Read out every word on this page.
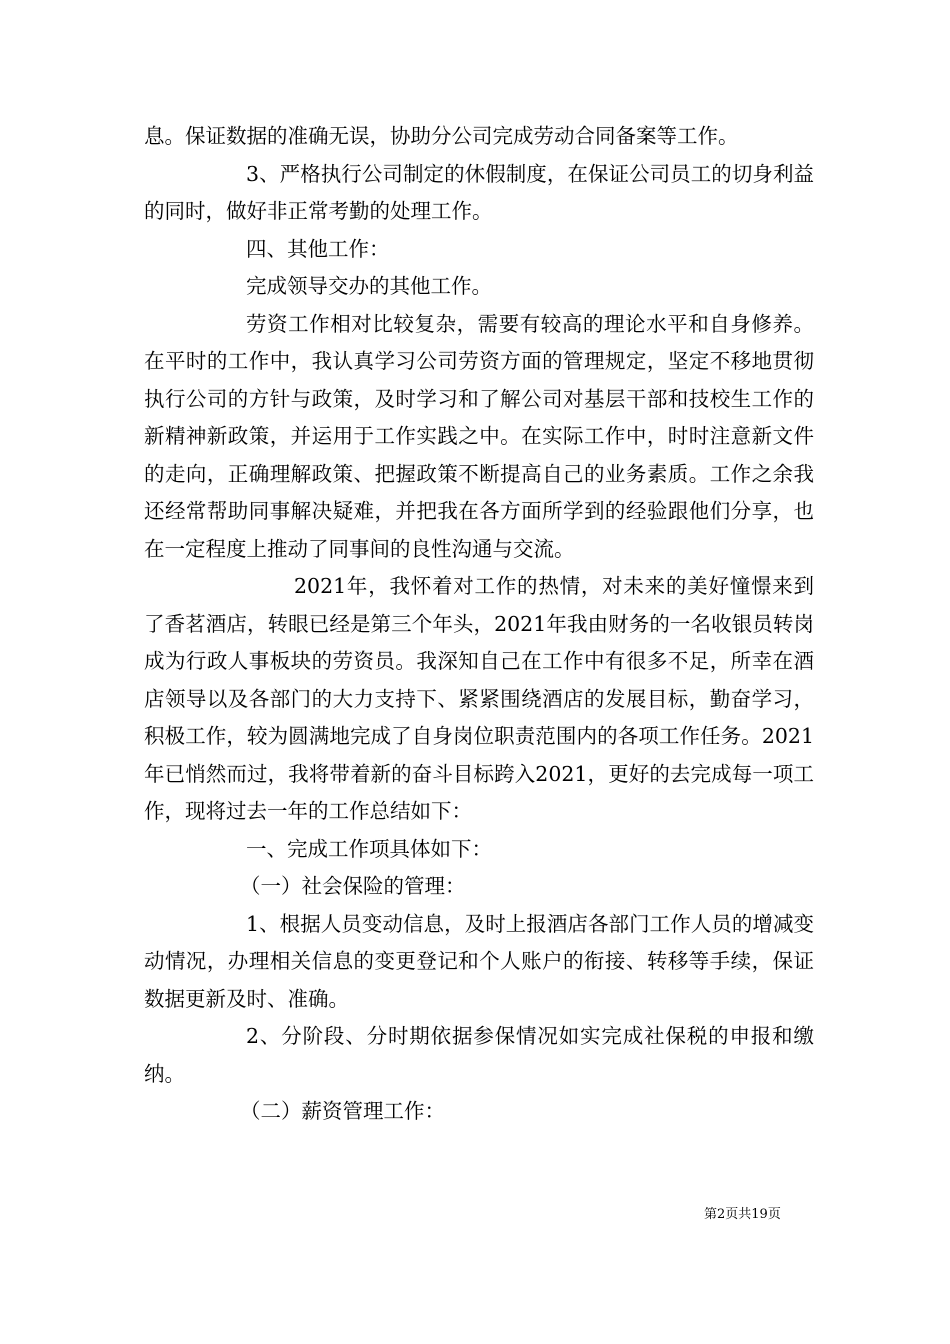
息。保证数据的准确无误，协助分公司完成劳动合同备案等工作。

3、严格执行公司制定的休假制度，在保证公司员工的切身利益的同时，做好非正常考勤的处理工作。

四、其他工作：

完成领导交办的其他工作。

劳资工作相对比较复杂，需要有较高的理论水平和自身修养。在平时的工作中，我认真学习公司劳资方面的管理规定，坚定不移地贯彻执行公司的方针与政策，及时学习和了解公司对基层干部和技校生工作的新精神新政策，并运用于工作实践之中。在实际工作中，时时注意新文件的走向，正确理解政策、把握政策不断提高自己的业务素质。工作之余我还经常帮助同事解决疑难，并把我在各方面所学到的经验跟他们分享，也在一定程度上推动了同事间的良性沟通与交流。

2021年，我怀着对工作的热情，对未来的美好憧憬来到了香茗酒店，转眼已经是第三个年头，2021年我由财务的一名收银员转岗成为行政人事板块的劳资员。我深知自己在工作中有很多不足，所幸在酒店领导以及各部门的大力支持下、紧紧围绕酒店的发展目标，勤奋学习，积极工作，较为圆满地完成了自身岗位职责范围内的各项工作任务。2021年已悄然而过，我将带着新的奋斗目标跨入2021，更好的去完成每一项工作，现将过去一年的工作总结如下：

一、完成工作项具体如下：

（一）社会保险的管理：

1、根据人员变动信息，及时上报酒店各部门工作人员的增减变动情况，办理相关信息的变更登记和个人账户的衔接、转移等手续，保证数据更新及时、准确。

2、分阶段、分时期依据参保情况如实完成社保税的申报和缴纳。

（二）薪资管理工作：

第2页共19页
